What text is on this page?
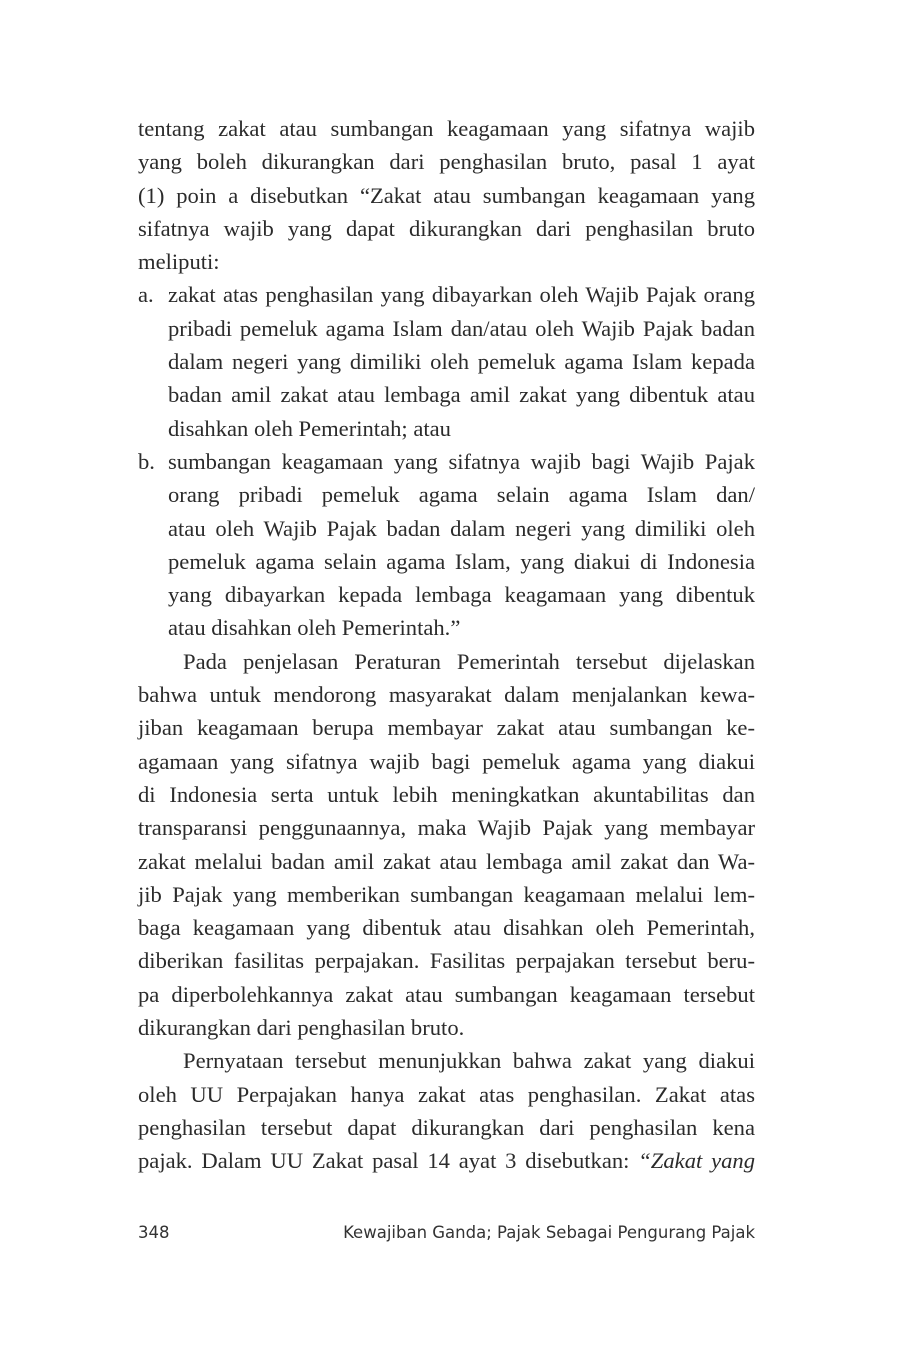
tentang zakat atau sumbangan keagamaan yang sifatnya wajib
yang boleh dikurangkan dari penghasilan bruto, pasal 1 ayat
(1) poin a disebutkan “Zakat atau sumbangan keagamaan yang
sifatnya wajib yang dapat dikurangkan dari penghasilan bruto
meliputi:
a. zakat atas penghasilan yang dibayarkan oleh Wajib Pajak orang
pribadi pemeluk agama Islam dan/atau oleh Wajib Pajak badan
dalam negeri yang dimiliki oleh pemeluk agama Islam kepada
badan amil zakat atau lembaga amil zakat yang dibentuk atau
disahkan oleh Pemerintah; atau
b. sumbangan keagamaan yang sifatnya wajib bagi Wajib Pajak
orang pribadi pemeluk agama selain agama Islam dan/
atau oleh Wajib Pajak badan dalam negeri yang dimiliki oleh
pemeluk agama selain agama Islam, yang diakui di Indonesia
yang dibayarkan kepada lembaga keagamaan yang dibentuk
atau disahkan oleh Pemerintah.”
Pada penjelasan Peraturan Pemerintah tersebut dijelaskan
bahwa untuk mendorong masyarakat dalam menjalankan kewa-
jiban keagamaan berupa membayar zakat atau sumbangan ke-
agamaan yang sifatnya wajib bagi pemeluk agama yang diakui
di Indonesia serta untuk lebih meningkatkan akuntabilitas dan
transparansi penggunaannya, maka Wajib Pajak yang membayar
zakat melalui badan amil zakat atau lembaga amil zakat dan Wa-
jib Pajak yang memberikan sumbangan keagamaan melalui lem-
baga keagamaan yang dibentuk atau disahkan oleh Pemerintah,
diberikan fasilitas perpajakan. Fasilitas perpajakan tersebut beru-
pa diperbolehkannya zakat atau sumbangan keagamaan tersebut
dikurangkan dari penghasilan bruto.
Pernyataan tersebut menunjukkan bahwa zakat yang diakui
oleh UU Perpajakan hanya zakat atas penghasilan. Zakat atas
penghasilan tersebut dapat dikurangkan dari penghasilan kena
pajak. Dalam UU Zakat pasal 14 ayat 3 disebutkan: “Zakat yang
348	Kewajiban Ganda; Pajak Sebagai Pengurang Pajak
